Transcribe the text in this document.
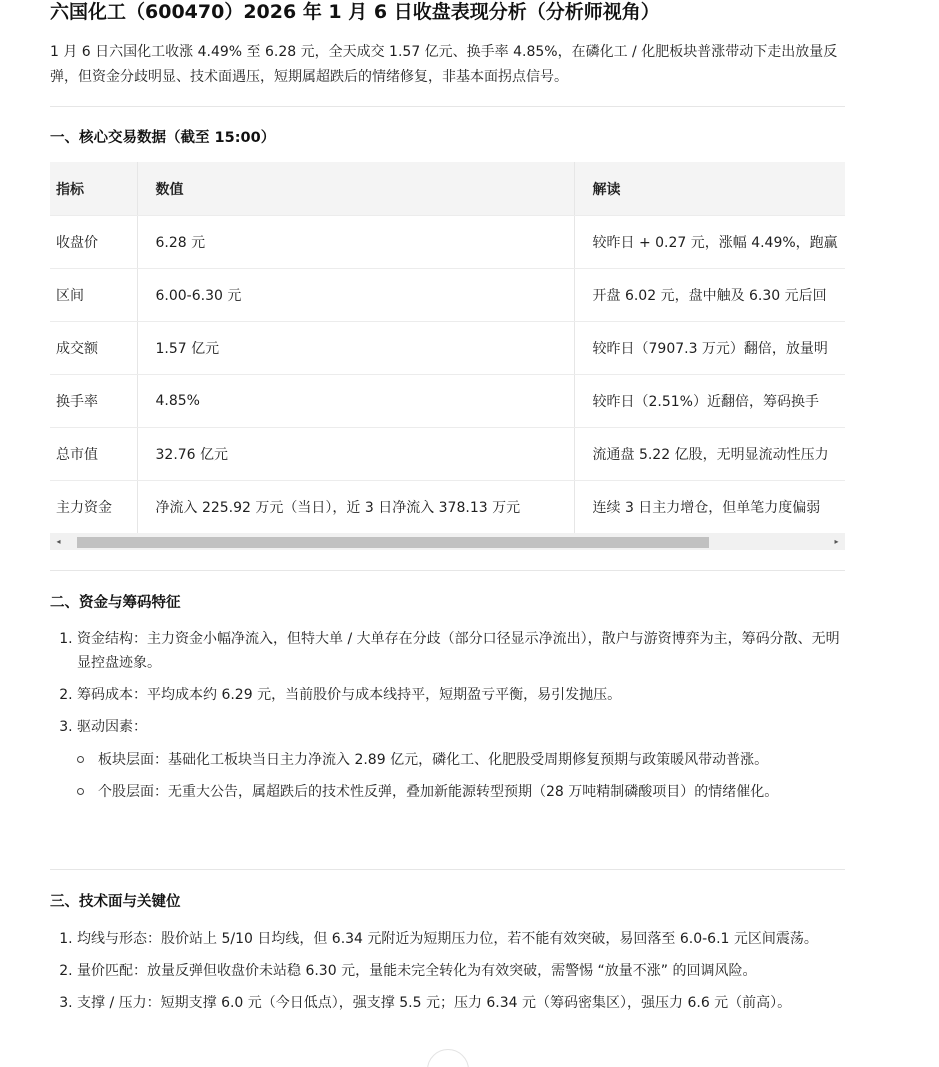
六国化工（600470）2026 年 1 月 6 日收盘表现分析（分析师视角）

1 月 6 日六国化工收涨 4.49% 至 6.28 元，全天成交 1.57 亿元、换手率 4.85%，在磷化工 / 化肥板块普涨带动下走出放量反弹，但资金分歧明显、技术面遇压，短期属超跌后的情绪修复，非基本面拐点信号。

一、核心交易数据（截至 15:00）
指标	数值	解读
收盘价	6.28 元	较昨日 + 0.27 元，涨幅 4.49%，跑赢
区间	6.00-6.30 元	开盘 6.02 元，盘中触及 6.30 元后回
成交额	1.57 亿元	较昨日（7907.3 万元）翻倍，放量明
换手率	4.85%	较昨日（2.51%）近翻倍，筹码换手
总市值	32.76 亿元	流通盘 5.22 亿股，无明显流动性压力
主力资金	净流入 225.92 万元（当日），近 3 日净流入 378.13 万元	连续 3 日主力增仓，但单笔力度偏弱
◂	▸
二、资金与筹码特征
1. 资金结构：主力资金小幅净流入，但特大单 / 大单存在分歧（部分口径显示净流出），散户与游资博弈为主，筹码分散、无明显控盘迹象。
2. 筹码成本：平均成本约 6.29 元，当前股价与成本线持平，短期盈亏平衡，易引发抛压。
3. 驱动因素：
板块层面：基础化工板块当日主力净流入 2.89 亿元，磷化工、化肥股受周期修复预期与政策暖风带动普涨。
个股层面：无重大公告，属超跌后的技术性反弹，叠加新能源转型预期（28 万吨精制磷酸项目）的情绪催化。
三、技术面与关键位
1. 均线与形态：股价站上 5/10 日均线，但 6.34 元附近为短期压力位，若不能有效突破，易回落至 6.0-6.1 元区间震荡。
2. 量价匹配：放量反弹但收盘价未站稳 6.30 元，量能未完全转化为有效突破，需警惕 “放量不涨” 的回调风险。
3. 支撑 / 压力：短期支撑 6.0 元（今日低点），强支撑 5.5 元；压力 6.34 元（筹码密集区），强压力 6.6 元（前高）。
